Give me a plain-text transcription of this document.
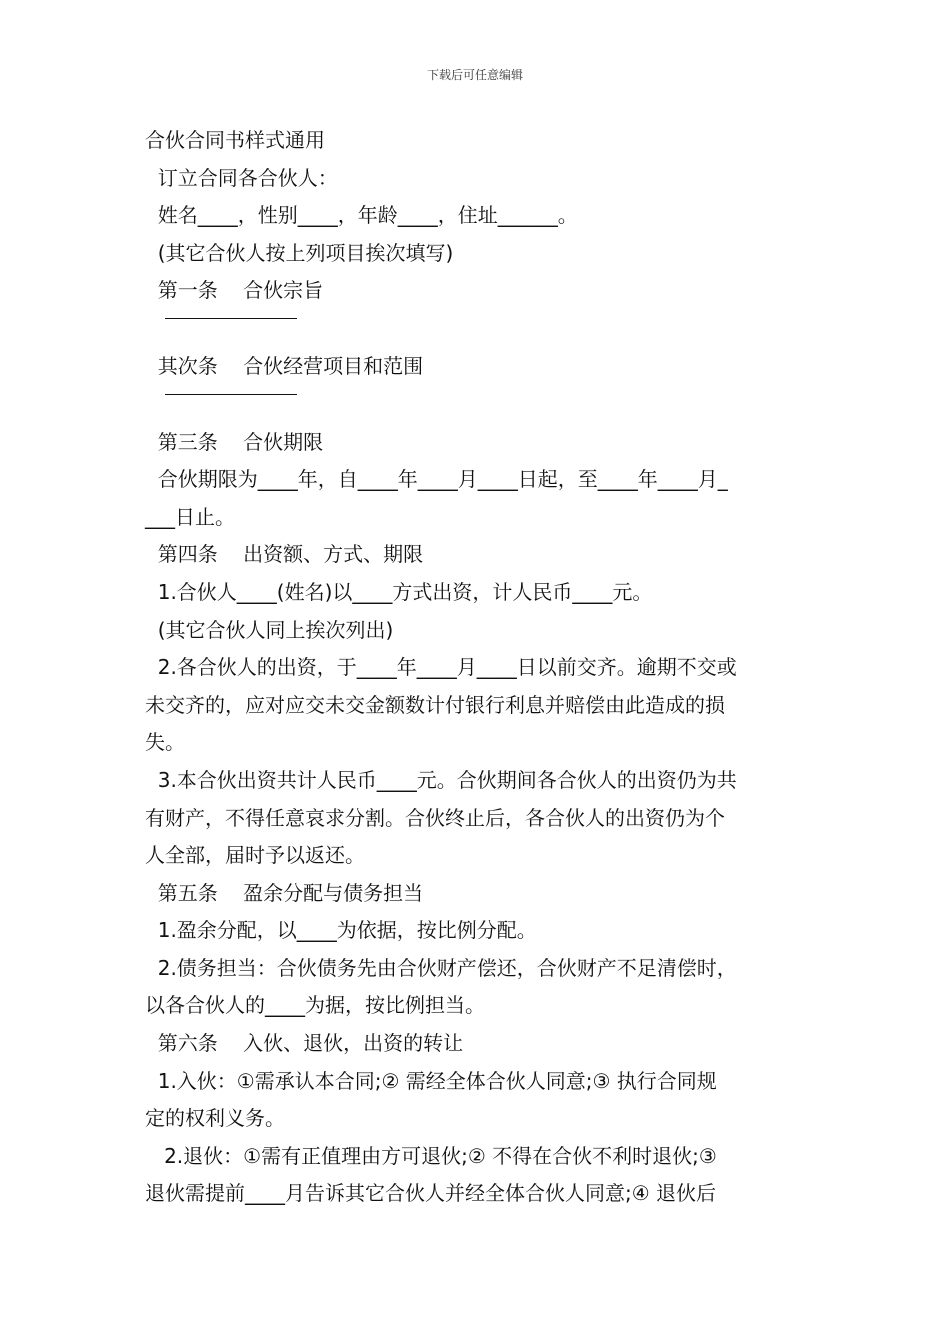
下载后可任意编辑
合伙合同书样式通用
订立合同各合伙人：
姓名____，性别____，年龄____，住址______。
(其它合伙人按上列项目挨次填写)
第一条    合伙宗旨
其次条    合伙经营项目和范围
第三条    合伙期限
合伙期限为____年，自____年____月____日起，至____年____月_
___日止。
第四条    出资额、方式、期限
1.合伙人____(姓名)以____方式出资，计人民币____元。
(其它合伙人同上挨次列出)
2.各合伙人的出资，于____年____月____日以前交齐。逾期不交或
未交齐的，应对应交未交金额数计付银行利息并赔偿由此造成的损
失。
3.本合伙出资共计人民币____元。合伙期间各合伙人的出资仍为共
有财产，不得任意哀求分割。合伙终止后，各合伙人的出资仍为个
人全部，届时予以返还。
第五条    盈余分配与债务担当
1.盈余分配，以____为依据，按比例分配。
2.债务担当：合伙债务先由合伙财产偿还，合伙财产不足清偿时，
以各合伙人的____为据，按比例担当。
第六条    入伙、退伙，出资的转让
1.入伙：①需承认本合同;② 需经全体合伙人同意;③ 执行合同规
定的权利义务。
2.退伙：①需有正值理由方可退伙;② 不得在合伙不利时退伙;③
退伙需提前____月告诉其它合伙人并经全体合伙人同意;④ 退伙后
